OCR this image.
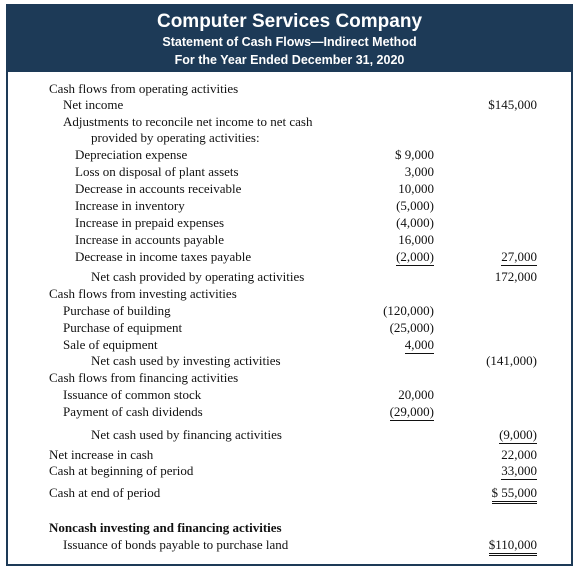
Computer Services Company
Statement of Cash Flows—Indirect Method
For the Year Ended December 31, 2020
Cash flows from operating activities
Net income	$145,000
Adjustments to reconcile net income to net cash
provided by operating activities:
Depreciation expense	$ 9,000
Loss on disposal of plant assets	3,000
Decrease in accounts receivable	10,000
Increase in inventory	(5,000)
Increase in prepaid expenses	(4,000)
Increase in accounts payable	16,000
Decrease in income taxes payable	(2,000)	27,000
Net cash provided by operating activities	172,000
Cash flows from investing activities
Purchase of building	(120,000)
Purchase of equipment	(25,000)
Sale of equipment	4,000
Net cash used by investing activities	(141,000)
Cash flows from financing activities
Issuance of common stock	20,000
Payment of cash dividends	(29,000)
Net cash used by financing activities	(9,000)
Net increase in cash	22,000
Cash at beginning of period	33,000
Cash at end of period	$ 55,000
Noncash investing and financing activities
Issuance of bonds payable to purchase land	$110,000
